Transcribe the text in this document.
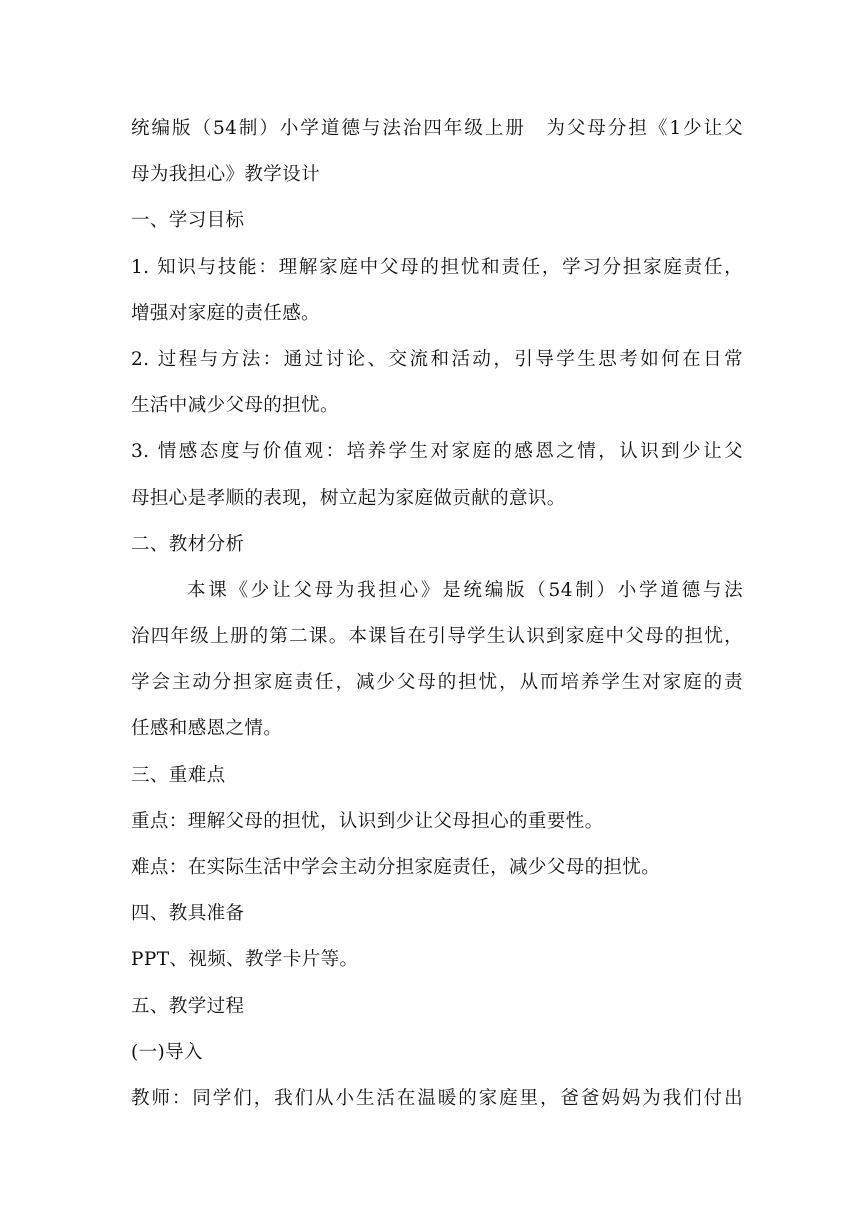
统编版（54制）小学道德与法治四年级上册　为父母分担《1少让父
母为我担心》教学设计
一、学习目标
1. 知识与技能：理解家庭中父母的担忧和责任，学习分担家庭责任，
增强对家庭的责任感。
2. 过程与方法：通过讨论、交流和活动，引导学生思考如何在日常
生活中减少父母的担忧。
3. 情感态度与价值观：培养学生对家庭的感恩之情，认识到少让父
母担心是孝顺的表现，树立起为家庭做贡献的意识。
二、教材分析
本课《少让父母为我担心》是统编版（54制）小学道德与法
治四年级上册的第二课。本课旨在引导学生认识到家庭中父母的担忧，
学会主动分担家庭责任，减少父母的担忧，从而培养学生对家庭的责
任感和感恩之情。
三、重难点
重点：理解父母的担忧，认识到少让父母担心的重要性。
难点：在实际生活中学会主动分担家庭责任，减少父母的担忧。
四、教具准备
PPT、视频、教学卡片等。
五、教学过程
(一)导入
教师：同学们，我们从小生活在温暖的家庭里，爸爸妈妈为我们付出
